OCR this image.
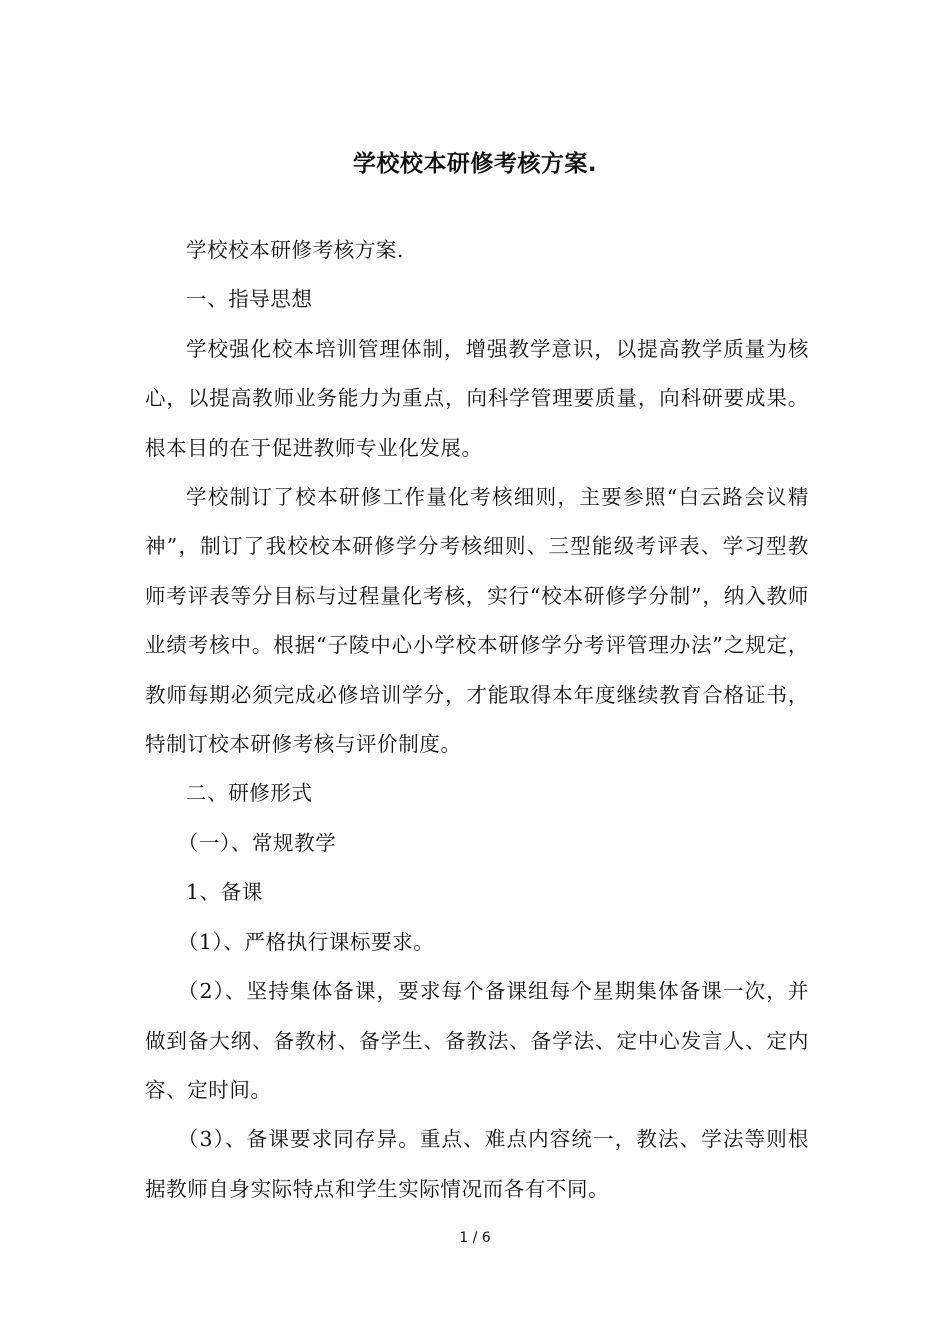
学校校本研修考核方案.

学校校本研修考核方案.

一、指导思想

学校强化校本培训管理体制，增强教学意识，以提高教学质量为核心，以提高教师业务能力为重点，向科学管理要质量，向科研要成果。根本目的在于促进教师专业化发展。

学校制订了校本研修工作量化考核细则，主要参照“白云路会议精神”，制订了我校校本研修学分考核细则、三型能级考评表、学习型教师考评表等分目标与过程量化考核，实行“校本研修学分制”，纳入教师业绩考核中。根据“子陵中心小学校本研修学分考评管理办法”之规定，教师每期必须完成必修培训学分，才能取得本年度继续教育合格证书，特制订校本研修考核与评价制度。

二、研修形式

（一）、常规教学

1、备课

（1）、严格执行课标要求。

（2）、坚持集体备课，要求每个备课组每个星期集体备课一次，并做到备大纲、备教材、备学生、备教法、备学法、定中心发言人、定内容、定时间。

（3）、备课要求同存异。重点、难点内容统一，教法、学法等则根据教师自身实际特点和学生实际情况而各有不同。

1 / 6
